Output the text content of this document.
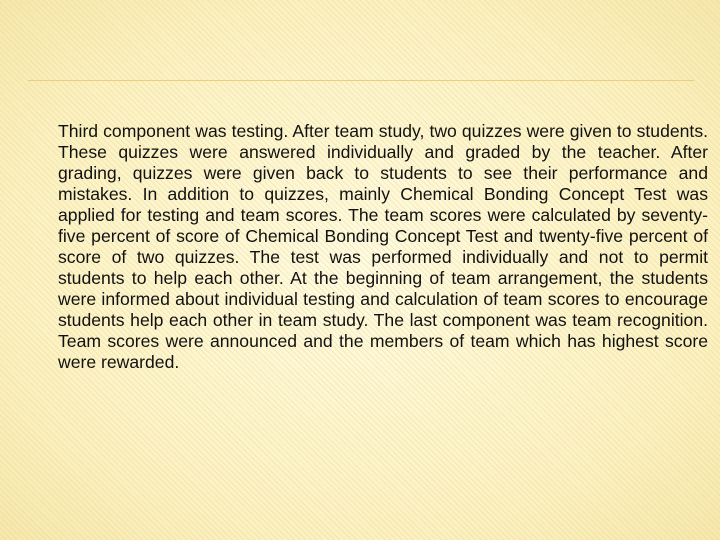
Third component was testing. After team study, two quizzes were given to students. These quizzes were answered individually and graded by the teacher. After grading, quizzes were given back to students to see their performance and mistakes. In addition to quizzes, mainly Chemical Bonding Concept Test was applied for testing and team scores. The team scores were calculated by seventy-five percent of score of Chemical Bonding Concept Test and twenty-five percent of score of two quizzes. The test was performed individually and not to permit students to help each other. At the beginning of team arrangement, the students were informed about individual testing and calculation of team scores to encourage students help each other in team study. The last component was team recognition. Team scores were announced and the members of team which has highest score were rewarded.
